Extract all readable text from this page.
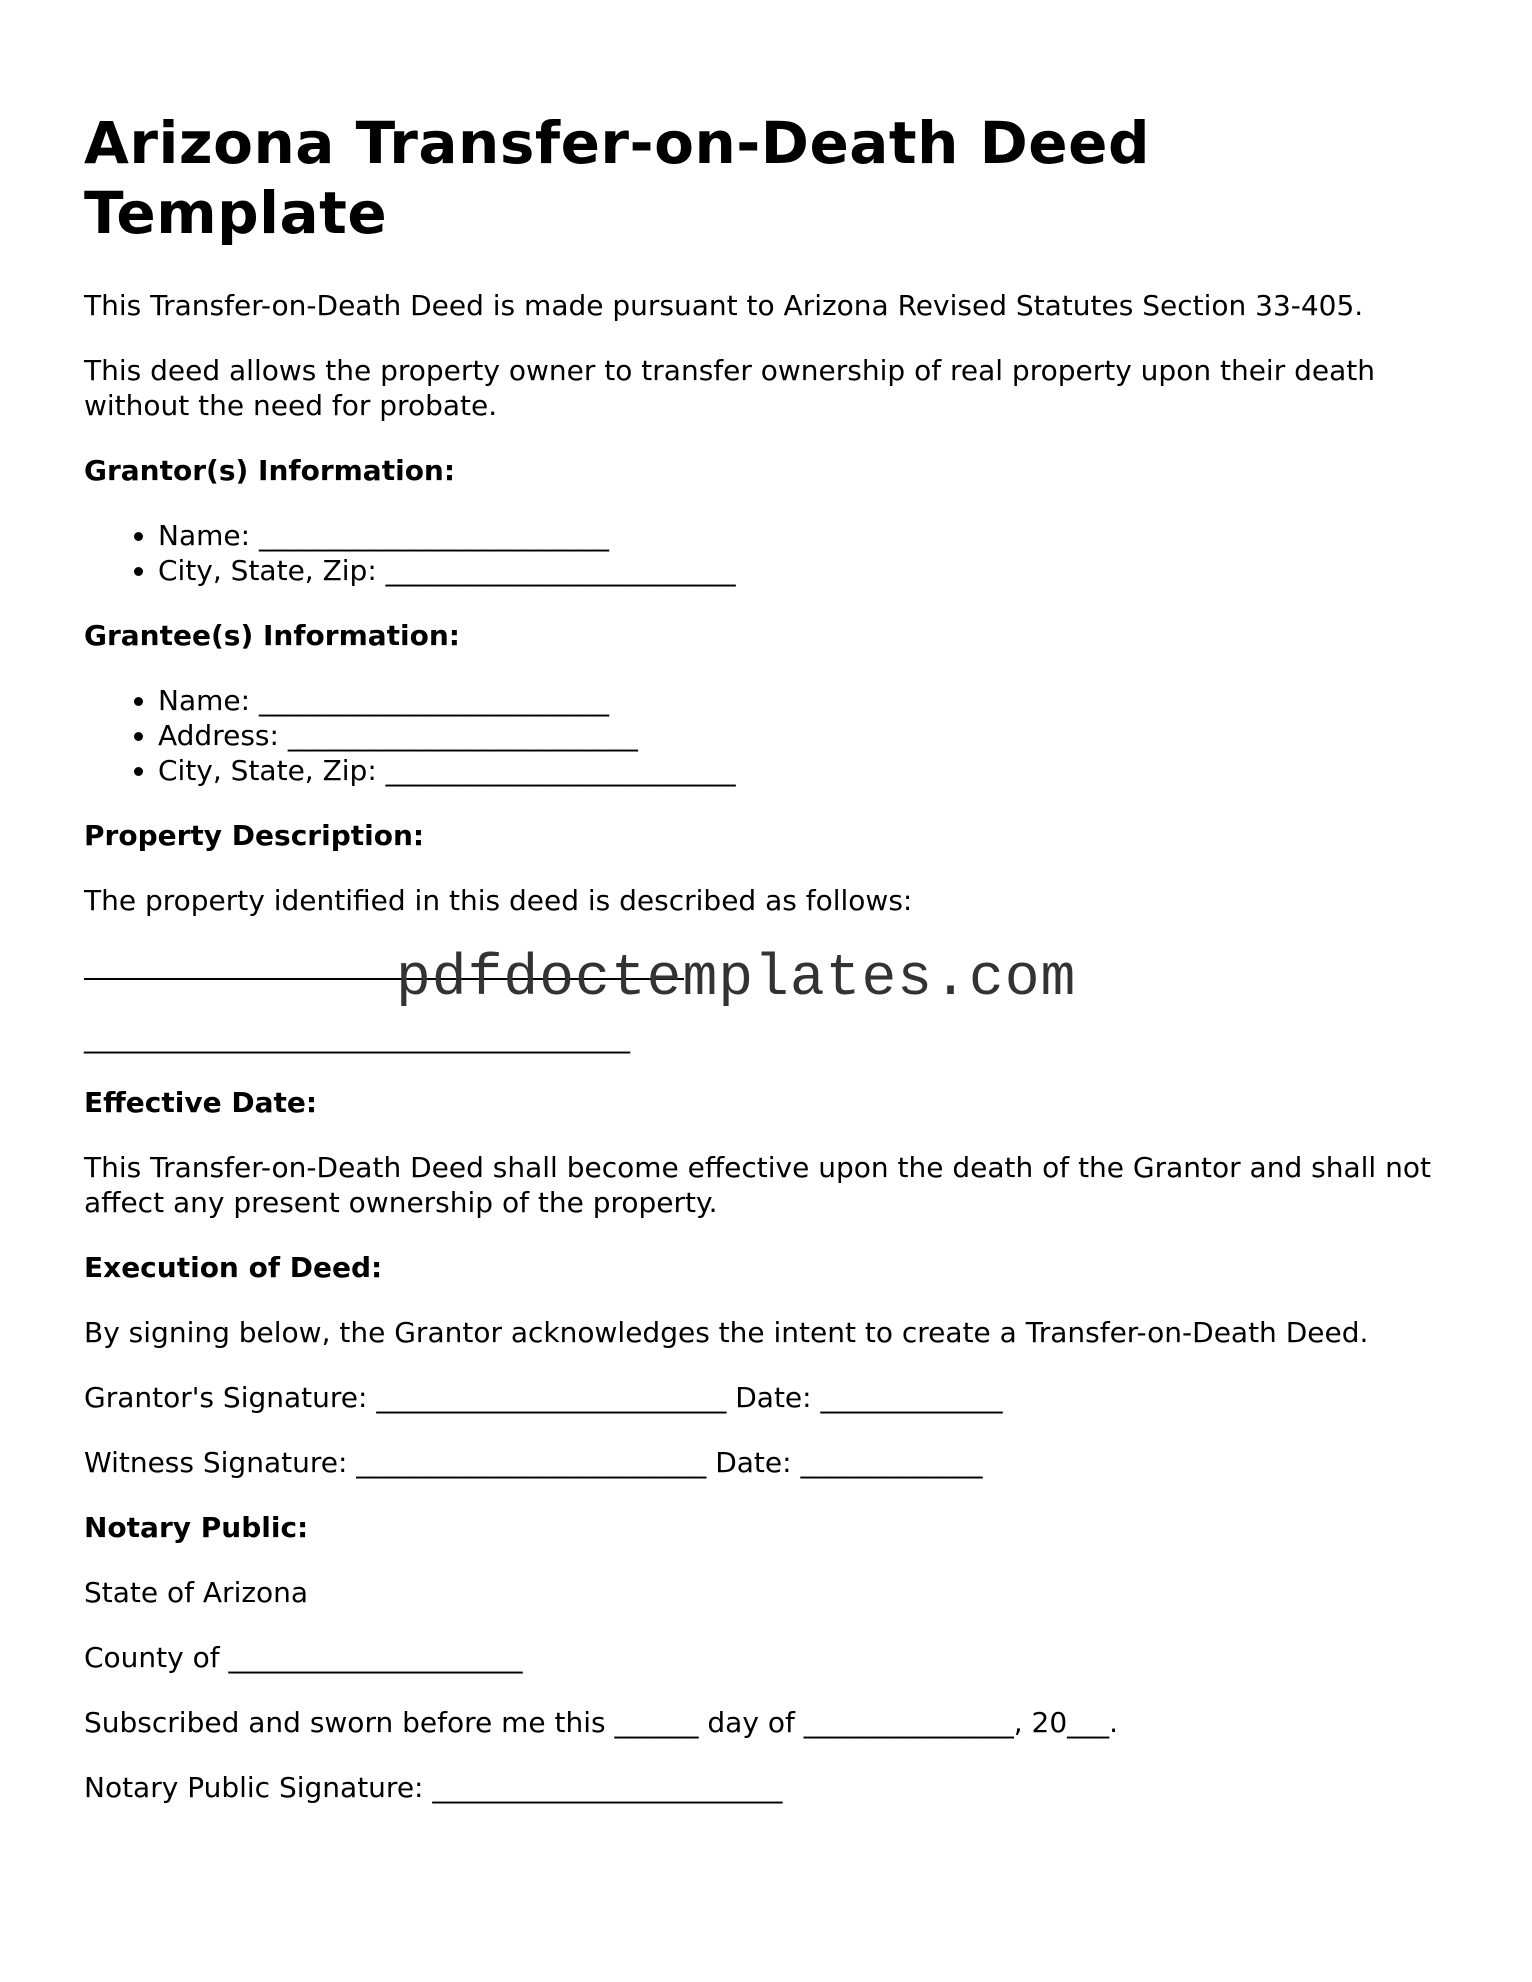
Arizona Transfer-on-Death Deed Template

This Transfer-on-Death Deed is made pursuant to Arizona Revised Statutes Section 33-405.

This deed allows the property owner to transfer ownership of real property upon their death without the need for probate.

Grantor(s) Information:

• Name: _________________________
• City, State, Zip: _________________________

Grantee(s) Information:

• Name: _________________________
• Address: _________________________
• City, State, Zip: _________________________

Property Description:

The property identified in this deed is described as follows:

pdfdoctemplates.com
_______________________________________

Effective Date:

This Transfer-on-Death Deed shall become effective upon the death of the Grantor and shall not affect any present ownership of the property.

Execution of Deed:

By signing below, the Grantor acknowledges the intent to create a Transfer-on-Death Deed.

Grantor's Signature: _________________________ Date: _____________

Witness Signature: _________________________ Date: _____________

Notary Public:

State of Arizona

County of _____________________

Subscribed and sworn before me this ______ day of _______________, 20___.

Notary Public Signature: _________________________
